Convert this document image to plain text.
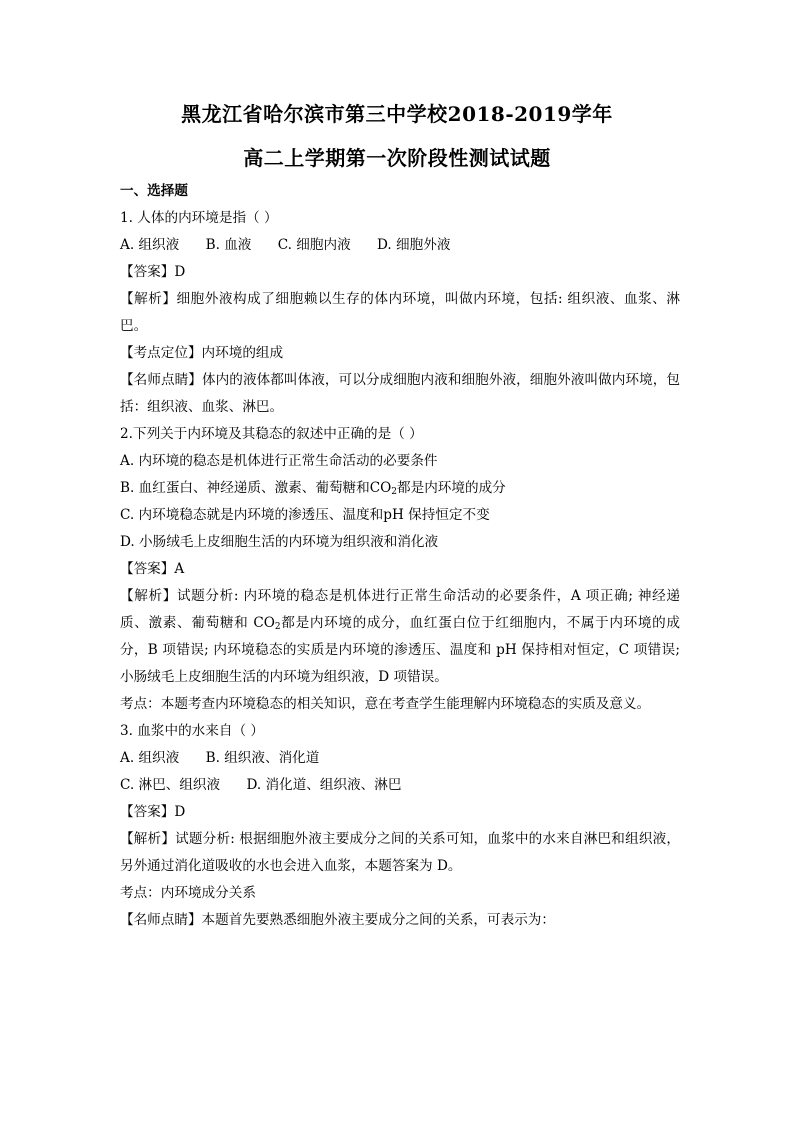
黑龙江省哈尔滨市第三中学校2018-2019学年
高二上学期第一次阶段性测试试题
一、选择题
1. 人体的内环境是指（ ）
A. 组织液 B. 血液 C. 细胞内液 D. 细胞外液
【答案】D
【解析】细胞外液构成了细胞赖以生存的体内环境，叫做内环境，包括: 组织液、血浆、淋巴。
【考点定位】内环境的组成
【名师点睛】体内的液体都叫体液，可以分成细胞内液和细胞外液，细胞外液叫做内环境，包括：组织液、血浆、淋巴。
2.下列关于内环境及其稳态的叙述中正确的是（ ）
A. 内环境的稳态是机体进行正常生命活动的必要条件
B. 血红蛋白、神经递质、激素、葡萄糖和$CO_2$都是内环境的成分
C. 内环境稳态就是内环境的渗透压、温度和pH 保持恒定不变
D. 小肠绒毛上皮细胞生活的内环境为组织液和消化液
【答案】A
【解析】试题分析: 内环境的稳态是机体进行正常生命活动的必要条件，A 项正确; 神经递质、激素、葡萄糖和 $CO_2$都是内环境的成分，血红蛋白位于红细胞内，不属于内环境的成分，B 项错误; 内环境稳态的实质是内环境的渗透压、温度和 pH 保持相对恒定，C 项错误; 小肠绒毛上皮细胞生活的内环境为组织液，D 项错误。
考点：本题考查内环境稳态的相关知识，意在考查学生能理解内环境稳态的实质及意义。
3. 血浆中的水来自（ ）
A. 组织液 B. 组织液、消化道
C. 淋巴、组织液 D. 消化道、组织液、淋巴
【答案】D
【解析】试题分析: 根据细胞外液主要成分之间的关系可知，血浆中的水来自淋巴和组织液，另外通过消化道吸收的水也会进入血浆，本题答案为 D。
考点：内环境成分关系
【名师点睛】本题首先要熟悉细胞外液主要成分之间的关系，可表示为：
